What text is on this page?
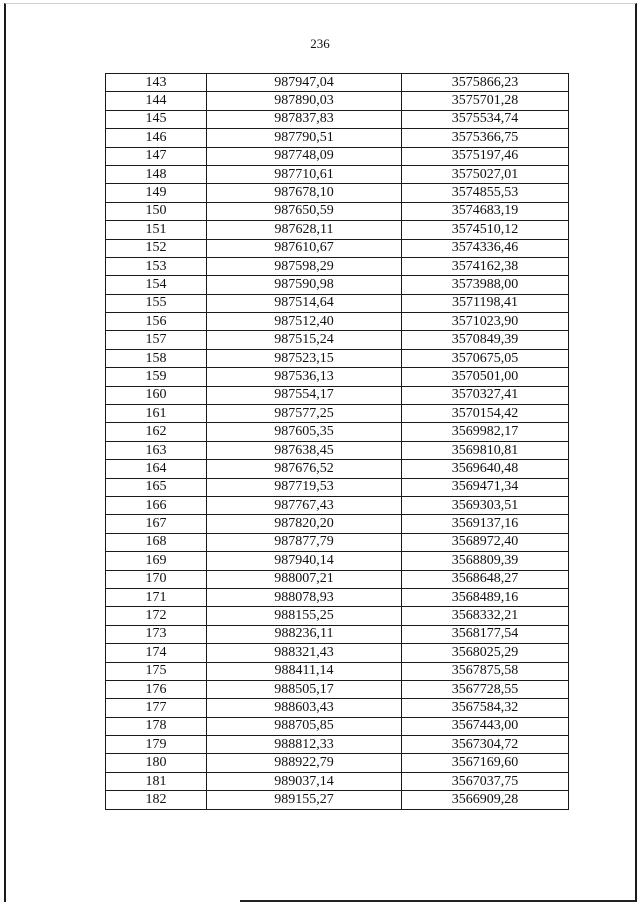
236
143	987947,04	3575866,23
144	987890,03	3575701,28
145	987837,83	3575534,74
146	987790,51	3575366,75
147	987748,09	3575197,46
148	987710,61	3575027,01
149	987678,10	3574855,53
150	987650,59	3574683,19
151	987628,11	3574510,12
152	987610,67	3574336,46
153	987598,29	3574162,38
154	987590,98	3573988,00
155	987514,64	3571198,41
156	987512,40	3571023,90
157	987515,24	3570849,39
158	987523,15	3570675,05
159	987536,13	3570501,00
160	987554,17	3570327,41
161	987577,25	3570154,42
162	987605,35	3569982,17
163	987638,45	3569810,81
164	987676,52	3569640,48
165	987719,53	3569471,34
166	987767,43	3569303,51
167	987820,20	3569137,16
168	987877,79	3568972,40
169	987940,14	3568809,39
170	988007,21	3568648,27
171	988078,93	3568489,16
172	988155,25	3568332,21
173	988236,11	3568177,54
174	988321,43	3568025,29
175	988411,14	3567875,58
176	988505,17	3567728,55
177	988603,43	3567584,32
178	988705,85	3567443,00
179	988812,33	3567304,72
180	988922,79	3567169,60
181	989037,14	3567037,75
182	989155,27	3566909,28
